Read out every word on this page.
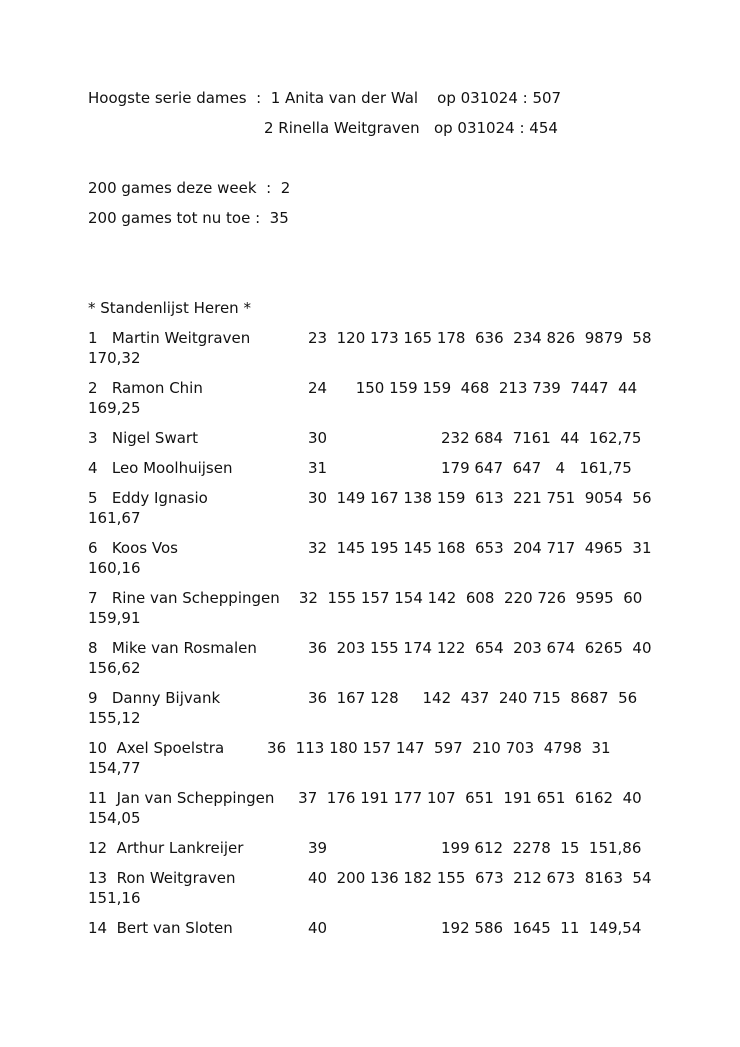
Hoogste serie dames  :  1 Anita van der Wal    op 031024 : 507
2 Rinella Weitgraven   op 031024 : 454
200 games deze week  :  2
200 games tot nu toe :  35
* Standenlijst Heren *
1   Martin Weitgraven	23  120 173 165 178  636  234 826  9879  58
170,32
2   Ramon Chin	24      150 159 159  468  213 739  7447  44
169,25
3   Nigel Swart	30	232 684  7161  44  162,75
4   Leo Moolhuijsen	31	179 647  647   4   161,75
5   Eddy Ignasio	30  149 167 138 159  613  221 751  9054  56
161,67
6   Koos Vos	32  145 195 145 168  653  204 717  4965  31
160,16
7   Rine van Scheppingen    32  155 157 154 142  608  220 726  9595  60
159,91
8   Mike van Rosmalen	36  203 155 174 122  654  203 674  6265  40
156,62
9   Danny Bijvank	36  167 128     142  437  240 715  8687  56
155,12
10  Axel Spoelstra         36  113 180 157 147  597  210 703  4798  31
154,77
11  Jan van Scheppingen     37  176 191 177 107  651  191 651  6162  40
154,05
12  Arthur Lankreijer	39	199 612  2278  15  151,86
13  Ron Weitgraven	40  200 136 182 155  673  212 673  8163  54
151,16
14  Bert van Sloten	40	192 586  1645  11  149,54
